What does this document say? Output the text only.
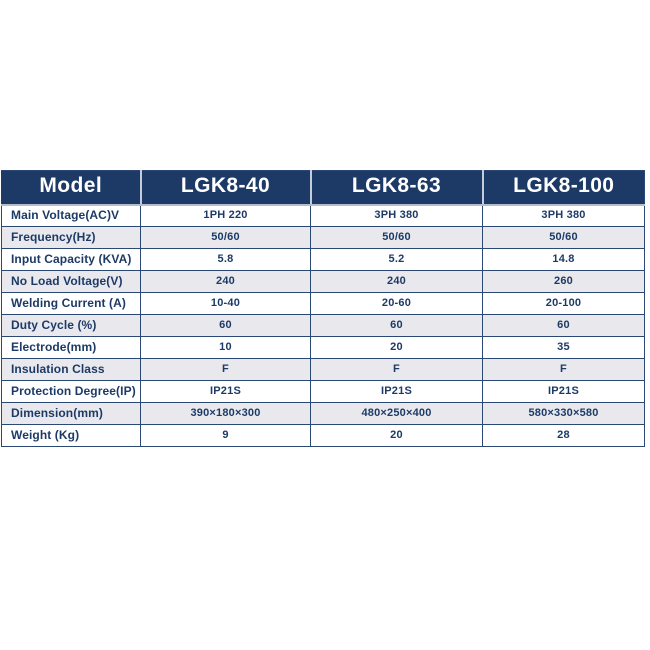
Model	LGK8-40	LGK8-63	LGK8-100
Main Voltage(AC)V	1PH 220	3PH 380	3PH 380
Frequency(Hz)	50/60	50/60	50/60
Input Capacity (KVA)	5.8	5.2	14.8
No Load Voltage(V)	240	240	260
Welding Current (A)	10-40	20-60	20-100
Duty Cycle (%)	60	60	60
Electrode(mm)	10	20	35
Insulation Class	F	F	F
Protection Degree(IP)	IP21S	IP21S	IP21S
Dimension(mm)	390×180×300	480×250×400	580×330×580
Weight (Kg)	9	20	28
